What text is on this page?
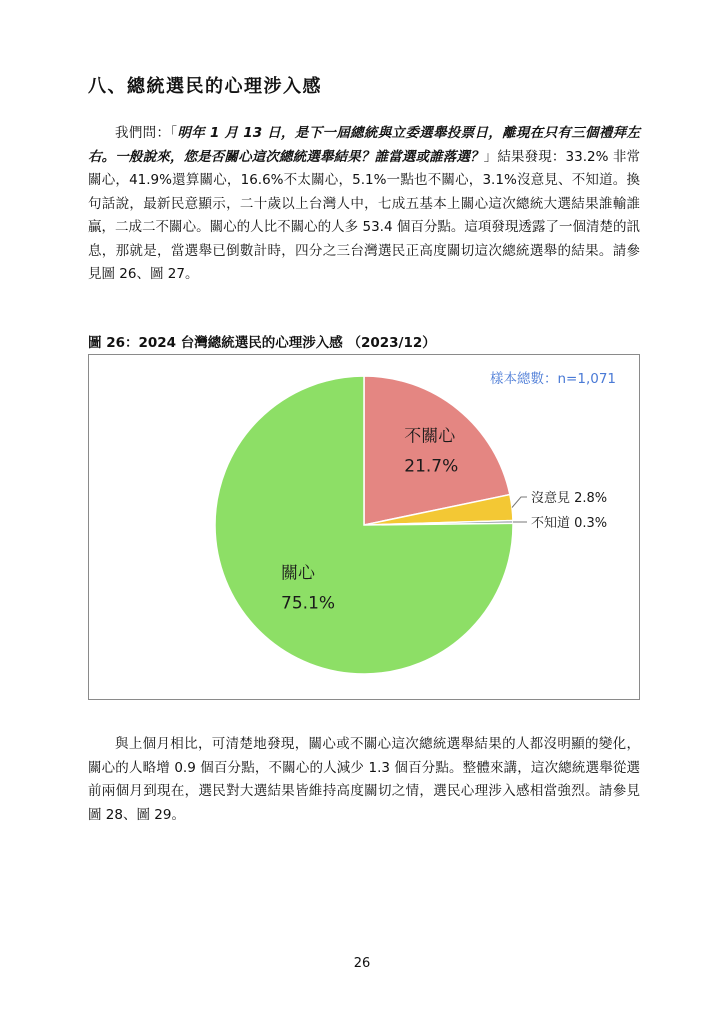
八、總統選民的心理涉入感
我們問：「明年 1 月 13 日，是下一屆總統與立委選舉投票日，離現在只有三個禮拜左右。一般說來，您是否關心這次總統選舉結果？誰當選或誰落選？」結果發現：33.2% 非常關心，41.9%還算關心，16.6%不太關心，5.1%一點也不關心，3.1%沒意見、不知道。換句話說，最新民意顯示，二十歲以上台灣人中，七成五基本上關心這次總統大選結果誰輸誰贏，二成二不關心。關心的人比不關心的人多 53.4 個百分點。這項發現透露了一個清楚的訊息，那就是，當選舉已倒數計時，四分之三台灣選民正高度關切這次總統選舉的結果。請參見圖 26、圖 27。
圖 26：2024 台灣總統選民的心理涉入感 （2023/12）
樣本總數：n=1,071
不關心
21.7%
沒意見 2.8%
不知道 0.3%
關心
75.1%
與上個月相比，可清楚地發現，關心或不關心這次總統選舉結果的人都沒明顯的變化，關心的人略增 0.9 個百分點，不關心的人減少 1.3 個百分點。整體來講，這次總統選舉從選前兩個月到現在，選民對大選結果皆維持高度關切之情，選民心理涉入感相當強烈。請參見圖 28、圖 29。
26
